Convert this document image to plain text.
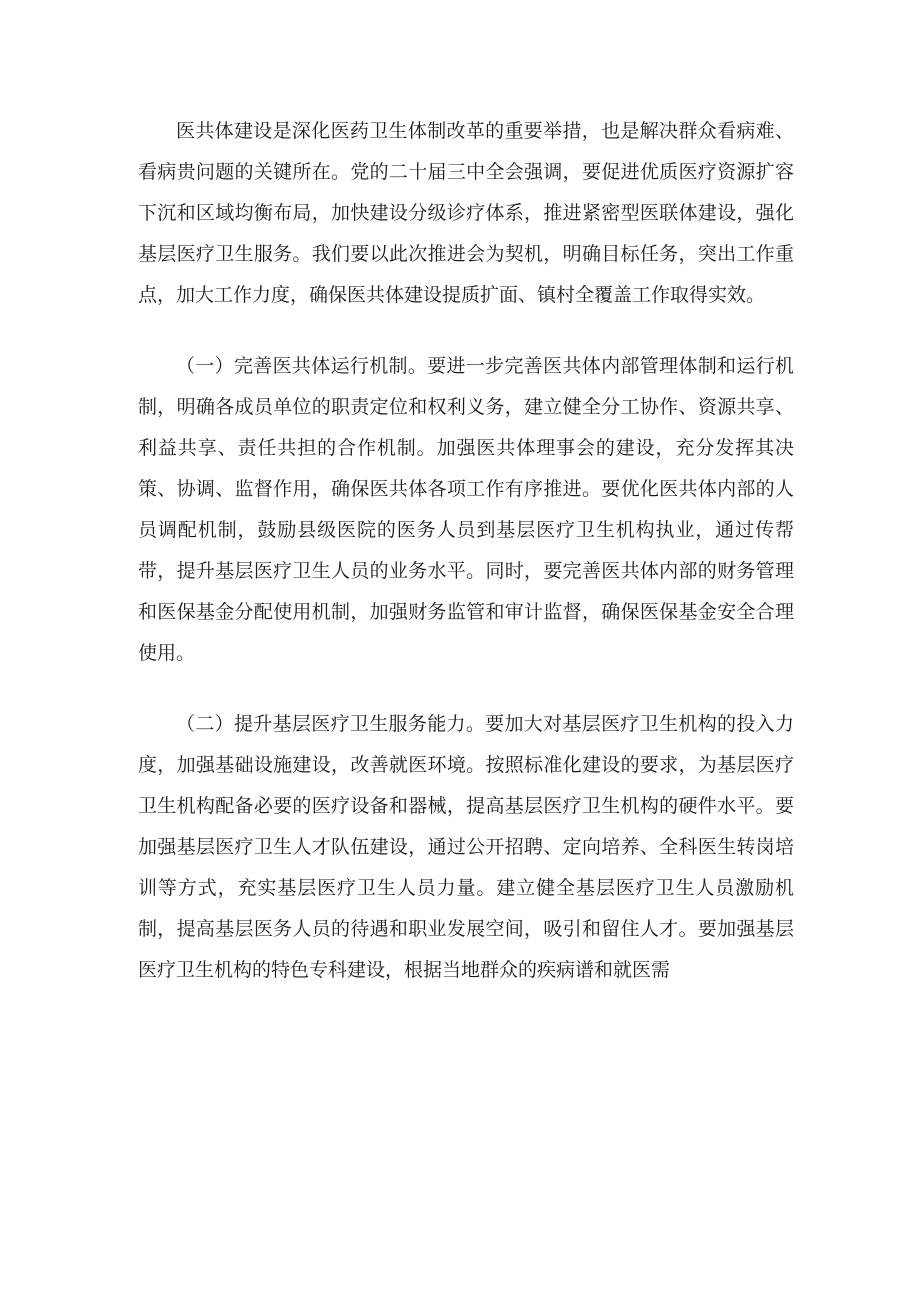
医共体建设是深化医药卫生体制改革的重要举措，也是解决群众看病难、看病贵问题的关键所在。党的二十届三中全会强调，要促进优质医疗资源扩容下沉和区域均衡布局，加快建设分级诊疗体系，推进紧密型医联体建设，强化基层医疗卫生服务。我们要以此次推进会为契机，明确目标任务，突出工作重点，加大工作力度，确保医共体建设提质扩面、镇村全覆盖工作取得实效。

（一）完善医共体运行机制。要进一步完善医共体内部管理体制和运行机制，明确各成员单位的职责定位和权利义务，建立健全分工协作、资源共享、利益共享、责任共担的合作机制。加强医共体理事会的建设，充分发挥其决策、协调、监督作用，确保医共体各项工作有序推进。要优化医共体内部的人员调配机制，鼓励县级医院的医务人员到基层医疗卫生机构执业，通过传帮带，提升基层医疗卫生人员的业务水平。同时，要完善医共体内部的财务管理和医保基金分配使用机制，加强财务监管和审计监督，确保医保基金安全合理使用。

（二）提升基层医疗卫生服务能力。要加大对基层医疗卫生机构的投入力度，加强基础设施建设，改善就医环境。按照标准化建设的要求，为基层医疗卫生机构配备必要的医疗设备和器械，提高基层医疗卫生机构的硬件水平。要加强基层医疗卫生人才队伍建设，通过公开招聘、定向培养、全科医生转岗培训等方式，充实基层医疗卫生人员力量。建立健全基层医疗卫生人员激励机制，提高基层医务人员的待遇和职业发展空间，吸引和留住人才。要加强基层医疗卫生机构的特色专科建设，根据当地群众的疾病谱和就医需
